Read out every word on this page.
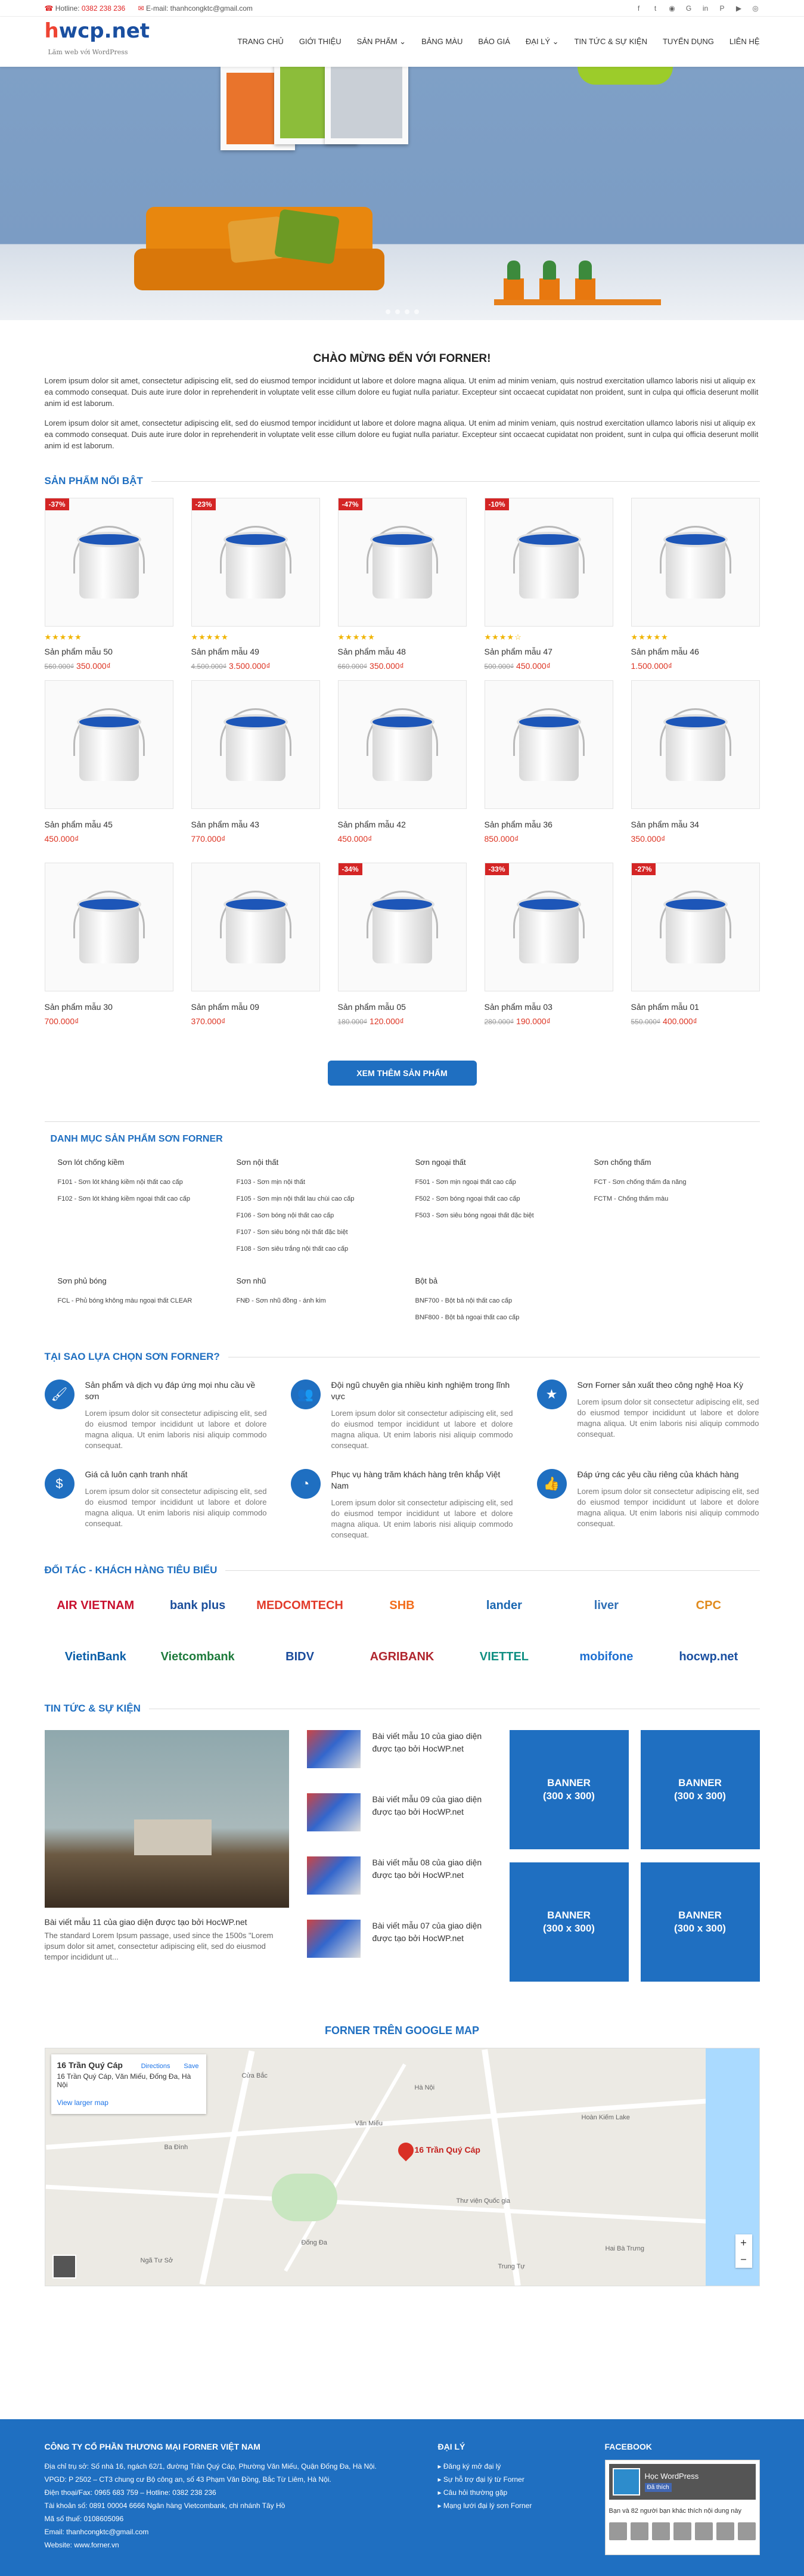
☎ Hotline: 0382 238 236 ✉ E-mail: thanhcongktc@gmail.com	f	t	◉ G in P ▶ ◎
hwcp.net
Lăm web với WordPress
TRANG CHỦ GIỚI THIỆU SẢN PHẨM ⌄ BẢNG MÀU BÁO GIÁ ĐẠI LÝ ⌄ TIN TỨC & SỰ KIỆN TUYỂN DỤNG LIÊN HỆ
CHÀO MỪNG ĐẾN VỚI FORNER!

Lorem ipsum dolor sit amet, consectetur adipiscing elit, sed do eiusmod tempor incididunt ut labore et dolore magna aliqua. Ut enim ad minim veniam, quis nostrud exercitation ullamco laboris nisi ut aliquip ex ea commodo consequat. Duis aute irure dolor in reprehenderit in voluptate velit esse cillum dolore eu fugiat nulla pariatur. Excepteur sint occaecat cupidatat non proident, sunt in culpa qui officia deserunt mollit anim id est laborum.

Lorem ipsum dolor sit amet, consectetur adipiscing elit, sed do eiusmod tempor incididunt ut labore et dolore magna aliqua. Ut enim ad minim veniam, quis nostrud exercitation ullamco laboris nisi ut aliquip ex ea commodo consequat. Duis aute irure dolor in reprehenderit in voluptate velit esse cillum dolore eu fugiat nulla pariatur. Excepteur sint occaecat cupidatat non proident, sunt in culpa qui officia deserunt mollit anim id est laborum.

SẢN PHẨM NỔI BẬT
-37%
★★★★★
Sản phẩm mẫu 50
560.000₫ 350.000₫
-23%
★★★★★
Sản phẩm mẫu 49
4.500.000₫ 3.500.000₫
-47%
★★★★★
Sản phẩm mẫu 48
660.000₫ 350.000₫
-10%
★★★★☆
Sản phẩm mẫu 47
500.000₫ 450.000₫
★★★★★
Sản phẩm mẫu 46
1.500.000₫
Sản phẩm mẫu 45
450.000₫
Sản phẩm mẫu 43
770.000₫
Sản phẩm mẫu 42
450.000₫
Sản phẩm mẫu 36
850.000₫
Sản phẩm mẫu 34
350.000₫
Sản phẩm mẫu 30
700.000₫
Sản phẩm mẫu 09
370.000₫
-34%
Sản phẩm mẫu 05
180.000₫ 120.000₫
-33%
Sản phẩm mẫu 03
280.000₫ 190.000₫
-27%
Sản phẩm mẫu 01
550.000₫ 400.000₫
XEM THÊM SẢN PHẨM
DANH MỤC SẢN PHẨM SƠN FORNER
Sơn lót chống kiềm
F101 - Sơn lót kháng kiềm nội thất cao cấp
F102 - Sơn lót kháng kiềm ngoại thất cao cấp
Sơn nội thất
F103 - Sơn mịn nội thất
F105 - Sơn mịn nội thất lau chùi cao cấp
F106 - Sơn bóng nội thất cao cấp
F107 - Sơn siêu bóng nội thất đặc biệt
F108 - Sơn siêu trắng nội thất cao cấp
Sơn ngoại thất
F501 - Sơn mịn ngoại thất cao cấp
F502 - Sơn bóng ngoại thất cao cấp
F503 - Sơn siêu bóng ngoại thất đặc biệt
Sơn chống thấm
FCT - Sơn chống thấm đa năng
FCTM - Chống thấm màu
Sơn phủ bóng
FCL - Phủ bóng không màu ngoại thất CLEAR
Sơn nhũ
FNĐ - Sơn nhũ đồng - ánh kim
Bột bả
BNF700 - Bột bả nội thất cao cấp
BNF800 - Bột bả ngoại thất cao cấp
TẠI SAO LỰA CHỌN SƠN FORNER?
🖌
Sản phẩm và dịch vụ đáp ứng mọi nhu cầu về sơn

Lorem ipsum dolor sit consectetur adipiscing elit, sed do eiusmod tempor incididunt ut labore et dolore magna aliqua. Ut enim laboris nisi aliquip commodo consequat.

👥
Đội ngũ chuyên gia nhiều kinh nghiệm trong lĩnh vực

Lorem ipsum dolor sit consectetur adipiscing elit, sed do eiusmod tempor incididunt ut labore et dolore magna aliqua. Ut enim laboris nisi aliquip commodo consequat.

★
Sơn Forner sản xuất theo công nghệ Hoa Kỳ

Lorem ipsum dolor sit consectetur adipiscing elit, sed do eiusmod tempor incididunt ut labore et dolore magna aliqua. Ut enim laboris nisi aliquip commodo consequat.

$
Giá cả luôn cạnh tranh nhất

Lorem ipsum dolor sit consectetur adipiscing elit, sed do eiusmod tempor incididunt ut labore et dolore magna aliqua. Ut enim laboris nisi aliquip commodo consequat.

◔
Phục vụ hàng trăm khách hàng trên khắp Việt Nam

Lorem ipsum dolor sit consectetur adipiscing elit, sed do eiusmod tempor incididunt ut labore et dolore magna aliqua. Ut enim laboris nisi aliquip commodo consequat.

👍
Đáp ứng các yêu cầu riêng của khách hàng

Lorem ipsum dolor sit consectetur adipiscing elit, sed do eiusmod tempor incididunt ut labore et dolore magna aliqua. Ut enim laboris nisi aliquip commodo consequat.

ĐỐI TÁC - KHÁCH HÀNG TIÊU BIỂU
AIR VIETNAM	bank plus	MEDCOMTECH	SHB	lander	liver	CPC
VietinBank	Vietcombank	BIDV	AGRIBANK	VIETTEL	mobifone	hocwp.net
TIN TỨC & SỰ KIỆN
Bài viết mẫu 11 của giao diện được tạo bởi HocWP.net

The standard Lorem Ipsum passage, used since the 1500s "Lorem ipsum dolor sit amet, consectetur adipiscing elit, sed do eiusmod tempor incididunt ut...

Bài viết mẫu 10 của giao diện được tạo bởi HocWP.net
Bài viết mẫu 09 của giao diện được tạo bởi HocWP.net
Bài viết mẫu 08 của giao diện được tạo bởi HocWP.net
Bài viết mẫu 07 của giao diện được tạo bởi HocWP.net
BANNER
(300 x 300)
BANNER
(300 x 300)
BANNER
(300 x 300)
BANNER
(300 x 300)
FORNER TRÊN GOOGLE MAP
Cửa Bắc
Ba Đình
Hoàn Kiếm Lake
Văn Miếu
Đống Đa
Hai Bà Trưng
Ngã Tư Sở
Trung Tự
Thư viện Quốc gia
Hà Nội
16 Trần Quý Cáp
16 Trần Quý Cáp, Văn Miếu, Đống Đa, Hà Nội
View larger map
Directions Save
16 Trần Quý Cáp
+
−
CÔNG TY CỔ PHẦN THƯƠNG MẠI FORNER VIỆT NAM

Địa chỉ trụ sở: Số nhà 16, ngách 62/1, đường Trần Quý Cáp, Phường Văn Miếu, Quận Đống Đa, Hà Nội.

VPGD: P 2502 – CT3 chung cư Bộ công an, số 43 Phạm Văn Đồng, Bắc Từ Liêm, Hà Nội.

Điện thoại/Fax: 0965 683 759 – Hotline: 0382 238 236

Tài khoản số: 0891 00004 6666 Ngân hàng Vietcombank, chi nhánh Tây Hồ

Mã số thuế: 0108605096

Email: thanhcongktc@gmail.com

Website: www.forner.vn

ĐẠI LÝ
▸ Đăng ký mở đại lý
▸ Sự hỗ trợ đại lý từ Forner
▸ Câu hỏi thường gặp
▸ Mạng lưới đại lý sơn Forner
FACEBOOK
Học WordPress
Đã thích

Bạn và 82 người bạn khác thích nội dung này
